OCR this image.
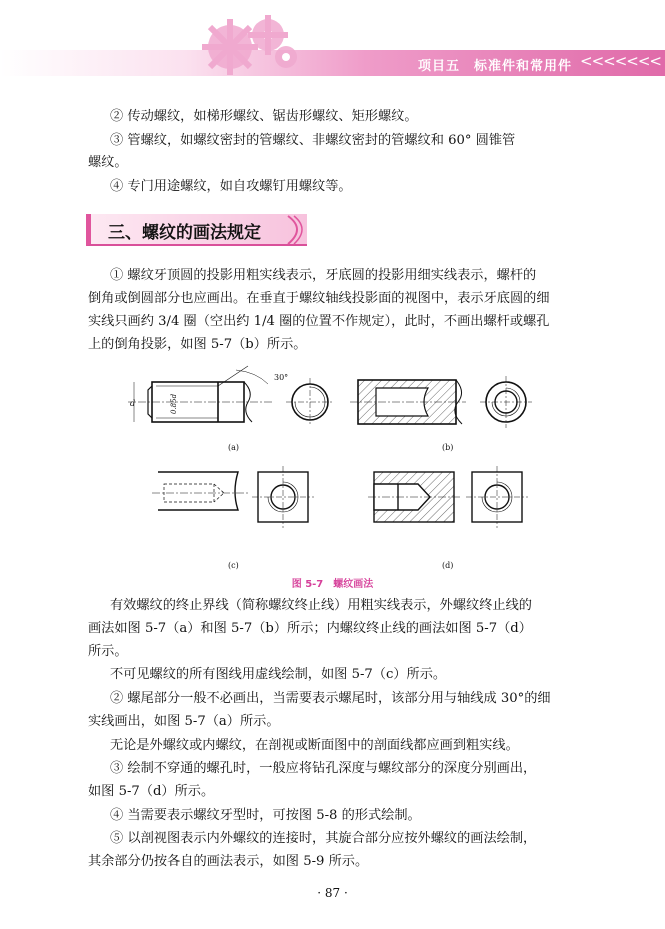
项目五　标准件和常用件 <<<<<<<

② 传动螺纹，如梯形螺纹、锯齿形螺纹、矩形螺纹。

③ 管螺纹，如螺纹密封的管螺纹、非螺纹密封的管螺纹和 60° 圆锥管

螺纹。

④ 专门用途螺纹，如自攻螺钉用螺纹等。

三、螺纹的画法规定

① 螺纹牙顶圆的投影用粗实线表示，牙底圆的投影用细实线表示，螺杆的

倒角或倒圆部分也应画出。在垂直于螺纹轴线投影面的视图中，表示牙底圆的细

实线只画约 3/4 圈（空出约 1/4 圈的位置不作规定），此时，不画出螺杆或螺孔

上的倒角投影，如图 5-7（b）所示。

d	0.85d
30°
(a)	(b)
(c)	(d)
图 5-7　螺纹画法

有效螺纹的终止界线（简称螺纹终止线）用粗实线表示，外螺纹终止线的

画法如图 5-7（a）和图 5-7（b）所示；内螺纹终止线的画法如图 5-7（d）

所示。

不可见螺纹的所有图线用虚线绘制，如图 5-7（c）所示。

② 螺尾部分一般不必画出，当需要表示螺尾时，该部分用与轴线成 30°的细

实线画出，如图 5-7（a）所示。

无论是外螺纹或内螺纹，在剖视或断面图中的剖面线都应画到粗实线。

③ 绘制不穿通的螺孔时，一般应将钻孔深度与螺纹部分的深度分别画出，

如图 5-7（d）所示。

④ 当需要表示螺纹牙型时，可按图 5-8 的形式绘制。

⑤ 以剖视图表示内外螺纹的连接时，其旋合部分应按外螺纹的画法绘制，

其余部分仍按各自的画法表示，如图 5-9 所示。

· 87 ·
